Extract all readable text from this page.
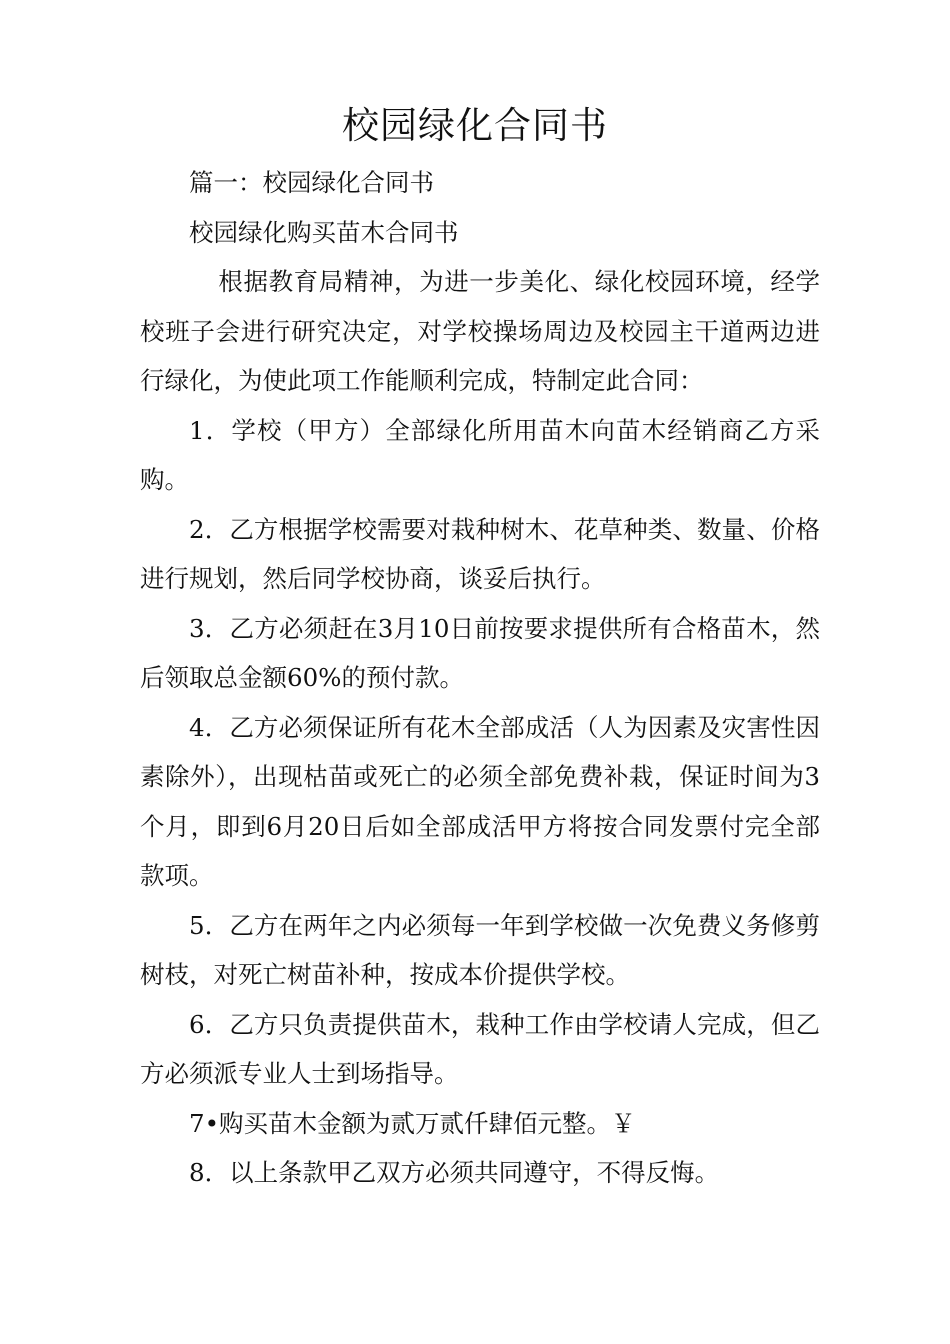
校园绿化合同书

篇一：校园绿化合同书

校园绿化购买苗木合同书

根据教育局精神，为进一步美化、绿化校园环境，经学校班子会进行研究决定，对学校操场周边及校园主干道两边进行绿化，为使此项工作能顺利完成，特制定此合同：

1．学校（甲方）全部绿化所用苗木向苗木经销商乙方采购。

2．乙方根据学校需要对栽种树木、花草种类、数量、价格进行规划，然后同学校协商，谈妥后执行。

3．乙方必须赶在3月10日前按要求提供所有合格苗木，然后领取总金额60%的预付款。

4．乙方必须保证所有花木全部成活（人为因素及灾害性因素除外），出现枯苗或死亡的必须全部免费补栽，保证时间为3个月，即到6月20日后如全部成活甲方将按合同发票付完全部款项。

5．乙方在两年之内必须每一年到学校做一次免费义务修剪树枝，对死亡树苗补种，按成本价提供学校。

6．乙方只负责提供苗木，栽种工作由学校请人完成，但乙方必须派专业人士到场指导。

7•购买苗木金额为贰万贰仟肆佰元整。￥

8．以上条款甲乙双方必须共同遵守，不得反悔。
